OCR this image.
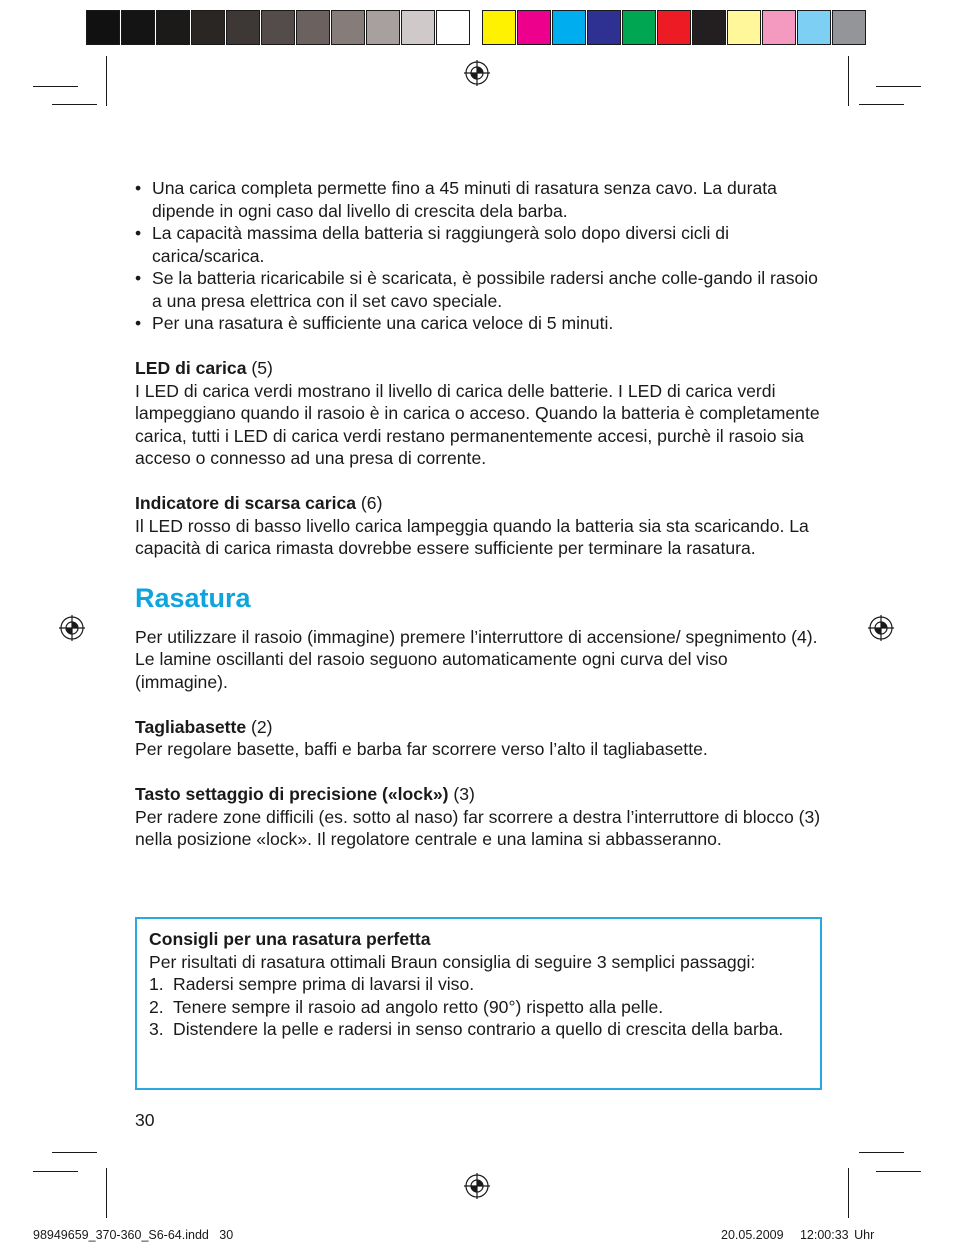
• Una carica completa permette fino a 45 minuti di rasatura senza cavo. La durata dipende in ogni caso dal livello di crescita dela barba.
• La capacità massima della batteria si raggiungerà solo dopo diversi cicli di carica/scarica.
• Se la batteria ricaricabile si è scaricata, è possibile radersi anche colle-gando il rasoio a una presa elettrica con il set cavo speciale.
• Per una rasatura è sufficiente una carica veloce di 5 minuti.

LED di carica (5)

I LED di carica verdi mostrano il livello di carica delle batterie. I LED di carica verdi lampeggiano quando il rasoio è in carica o acceso. Quando la batteria è completamente carica, tutti i LED di carica verdi restano permanentemente accesi, purchè il rasoio sia acceso o connesso ad una presa di corrente.

Indicatore di scarsa carica (6)

Il LED rosso di basso livello carica lampeggia quando la batteria sia sta scaricando. La capacità di carica rimasta dovrebbe essere sufficiente per terminare la rasatura.

Rasatura

Per utilizzare il rasoio (immagine) premere l’interruttore di accensione/ spegnimento (4). Le lamine oscillanti del rasoio seguono automaticamente ogni curva del viso (immagine).

Tagliabasette (2)

Per regolare basette, baffi e barba far scorrere verso l’alto il tagliabasette.

Tasto settaggio di precisione («lock») (3)

Per radere zone difficili (es. sotto al naso) far scorrere a destra l’interruttore di blocco (3) nella posizione «lock». Il regolatore centrale e una lamina si abbasseranno.

Consigli per una rasatura perfetta

Per risultati di rasatura ottimali Braun consiglia di seguire 3 semplici passaggi:

1. Radersi sempre prima di lavarsi il viso.
2. Tenere sempre il rasoio ad angolo retto (90°) rispetto alla pelle.
3. Distendere la pelle e radersi in senso contrario a quello di crescita della barba.
30
98949659_370-360_S6-64.indd   30	20.05.2009   12:00:33 Uhr
